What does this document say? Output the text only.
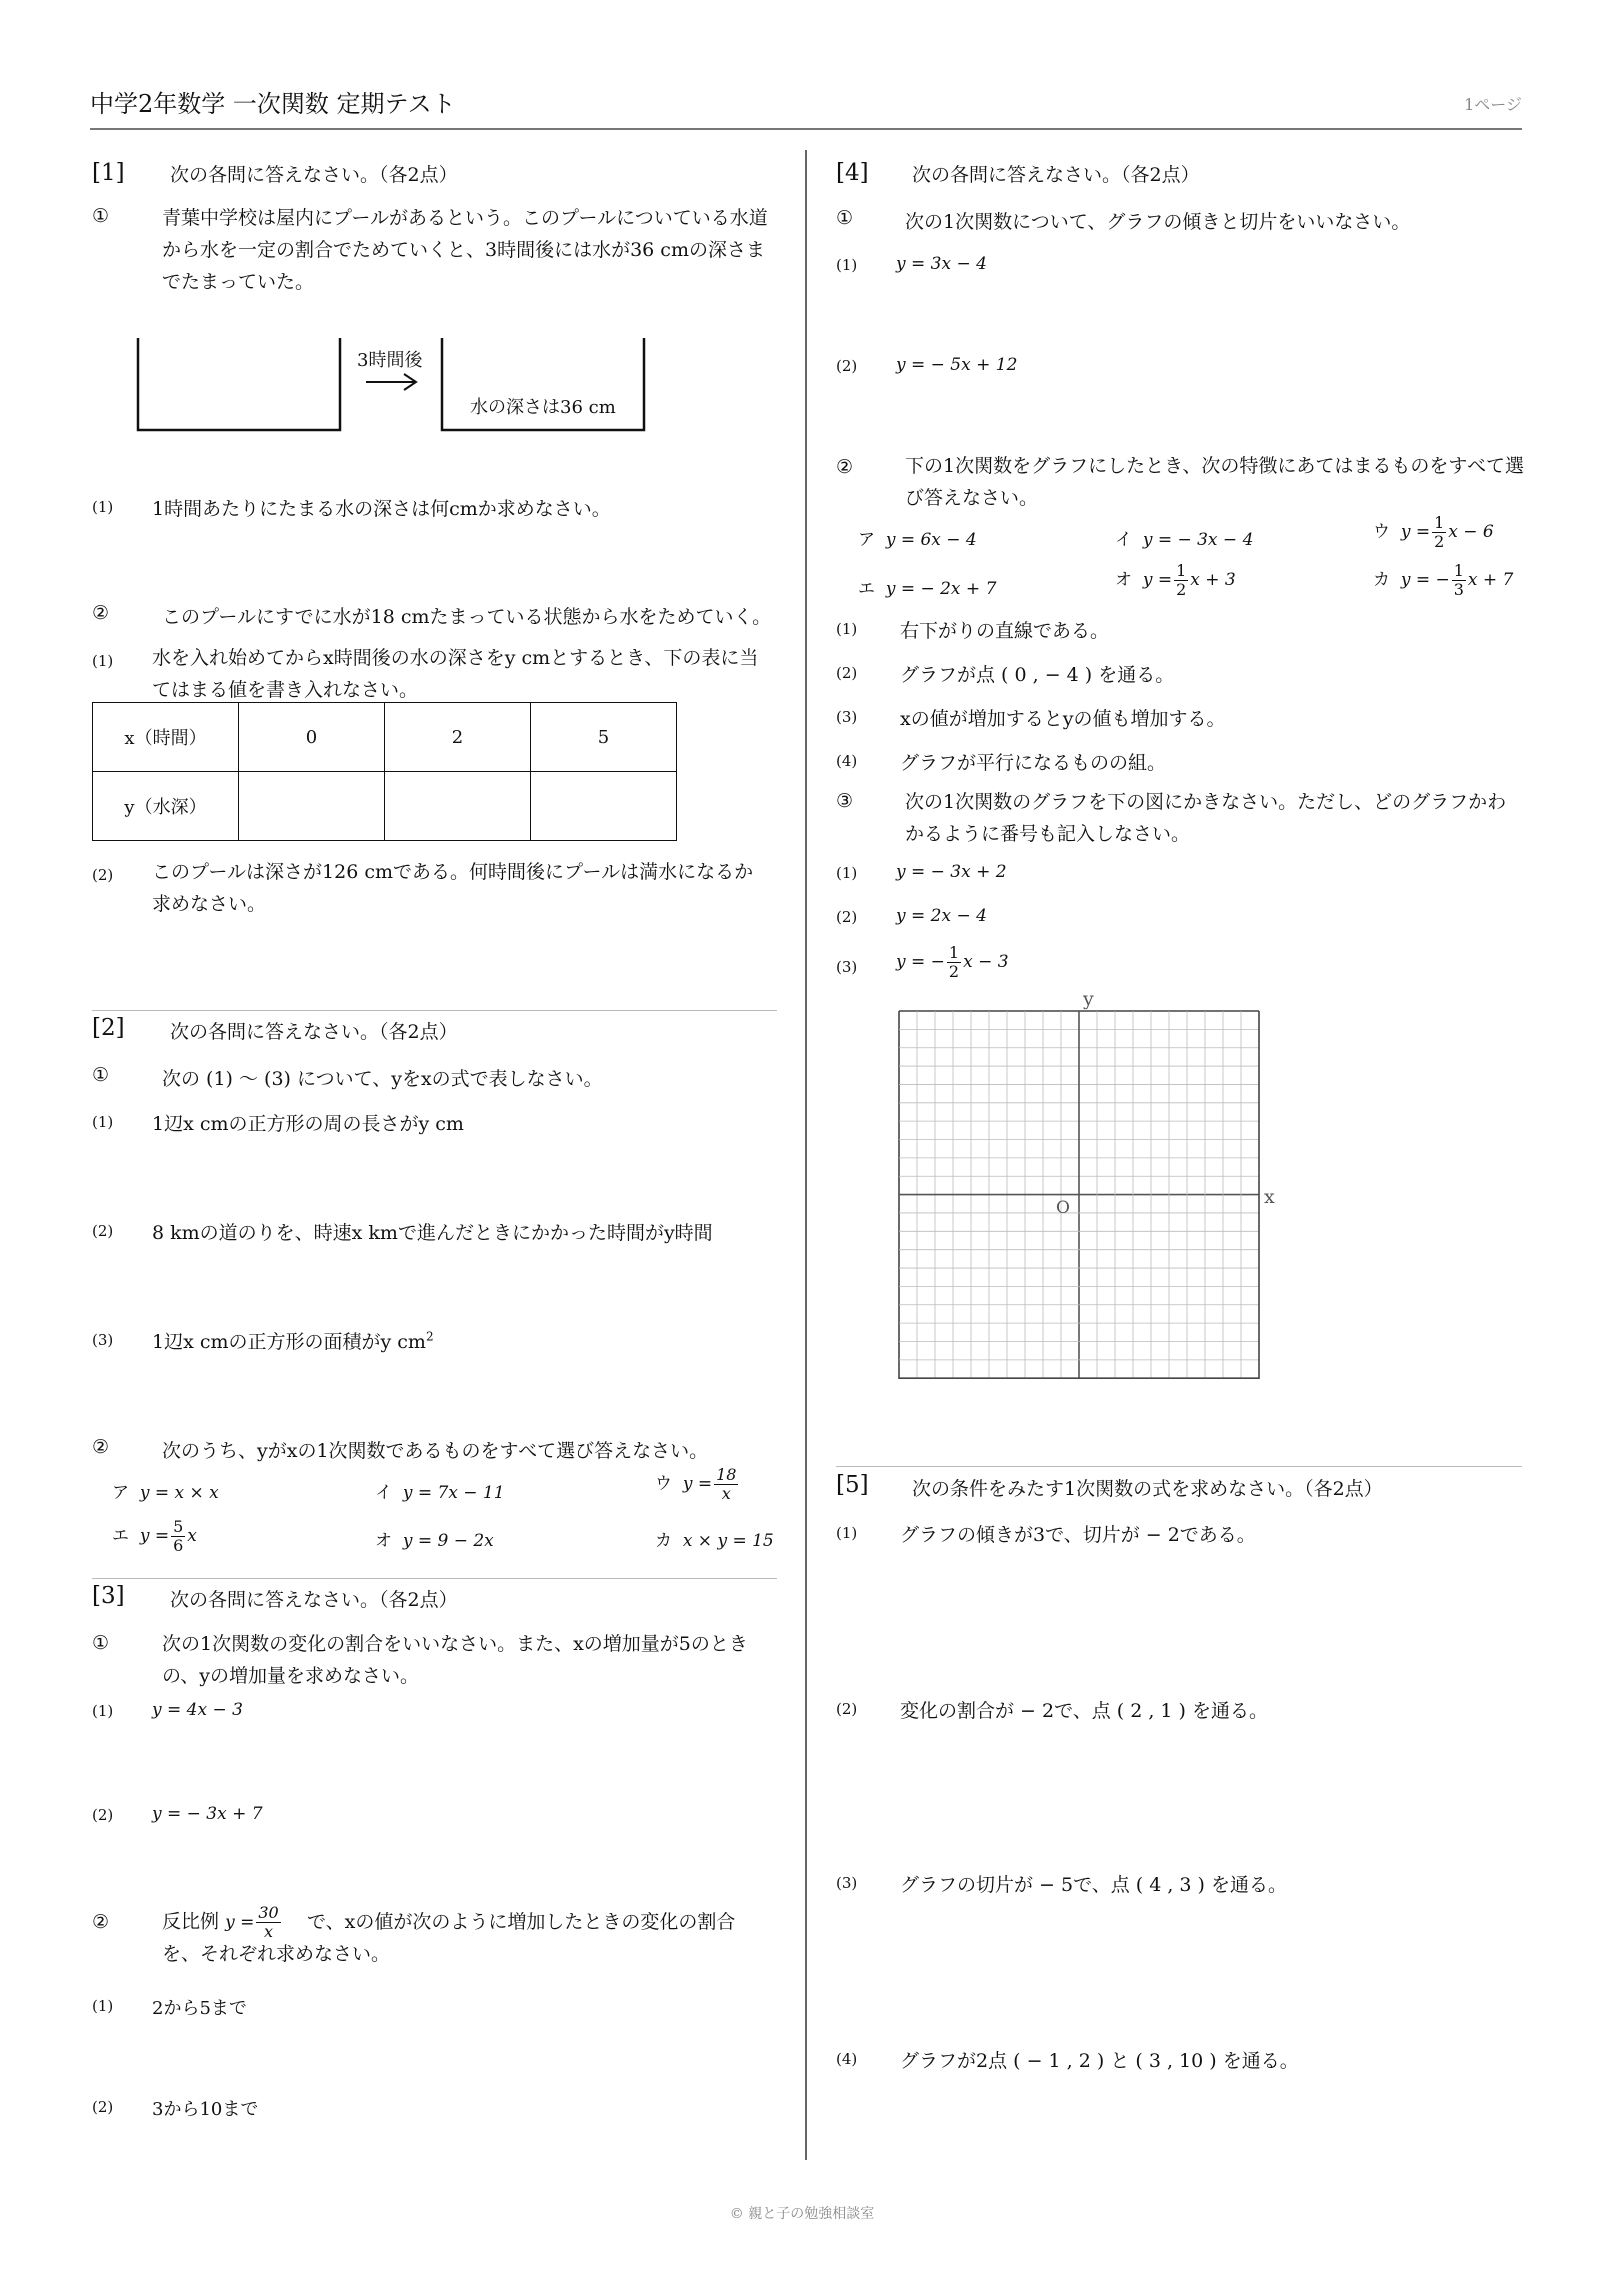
中学2年数学 一次関数 定期テスト	1ページ
[1] 次の各問に答えなさい。（各2点）
①	青葉中学校は屋内にプールがあるという。このプールについている水道から水を一定の割合でためていくと、3時間後には水が36 cmの深さまでたまっていた。
3時間後
水の深さは36 cm
(1) 1時間あたりにたまる水の深さは何cmか求めなさい。
②	このプールにすでに水が18 cmたまっている状態から水をためていく。
(1) 水を入れ始めてからx時間後の水の深さをy cmとするとき、下の表に当てはまる値を書き入れなさい。
x（時間）	0	2	5
y（水深）			
(2) このプールは深さが126 cmである。何時間後にプールは満水になるか求めなさい。
[2] 次の各問に答えなさい。（各2点）
①	次の (1) ～ (3) について、yをxの式で表しなさい。
(1) 1辺x cmの正方形の周の長さがy cm
(2) 8 kmの道のりを、時速x kmで進んだときにかかった時間がy時間
(3) 1辺x cmの正方形の面積がy $cm^2$
②	次のうち、yがxの1次関数であるものをすべて選び答えなさい。
ア y = x × x	イ y = 7x − 11	ウ $y = \frac{18}{x}$
エ $y = \frac{5}{6}$ x	オ y = 9 − 2x	カ x × y = 15
[3] 次の各問に答えなさい。（各2点）
①	次の1次関数の変化の割合をいいなさい。また、xの増加量が5のときの、yの増加量を求めなさい。
(1) y = 4x − 3
(2) y = − 3x + 7
②	反比例 $y = \frac{30}{x}$	で、xの値が次のように増加したときの変化の割合を、それぞれ求めなさい。
(1) 2から5まで
(2) 3から10まで
[4] 次の各問に答えなさい。（各2点）
①	次の1次関数について、グラフの傾きと切片をいいなさい。
(1) y = 3x − 4
(2) y = − 5x + 12
②	下の1次関数をグラフにしたとき、次の特徴にあてはまるものをすべて選び答えなさい。
ア y = 6x − 4	イ y = − 3x − 4	ウ $y = \frac{1}{2}$ x − 6
エ y = − 2x + 7	オ $y = \frac{1}{2}$ x + 3	カ y = − $\frac{1}{3}$ x + 7
(1) 右下がりの直線である。
(2) グラフが点 ( 0 , − 4 ) を通る。
(3) xの値が増加するとyの値も増加する。
(4) グラフが平行になるものの組。
③	次の1次関数のグラフを下の図にかきなさい。ただし、どのグラフかわかるように番号も記入しなさい。
(1) y = − 3x + 2
(2) y = 2x − 4
(3) y = − $\frac{1}{2}$ x − 3
y
x
O
[5] 次の条件をみたす1次関数の式を求めなさい。（各2点）
(1) グラフの傾きが3で、切片が − 2である。
(2) 変化の割合が − 2で、点 ( 2 , 1 ) を通る。
(3) グラフの切片が − 5で、点 ( 4 , 3 ) を通る。
(4) グラフが2点 ( − 1 , 2 ) と ( 3 , 10 ) を通る。
© 親と子の勉強相談室
